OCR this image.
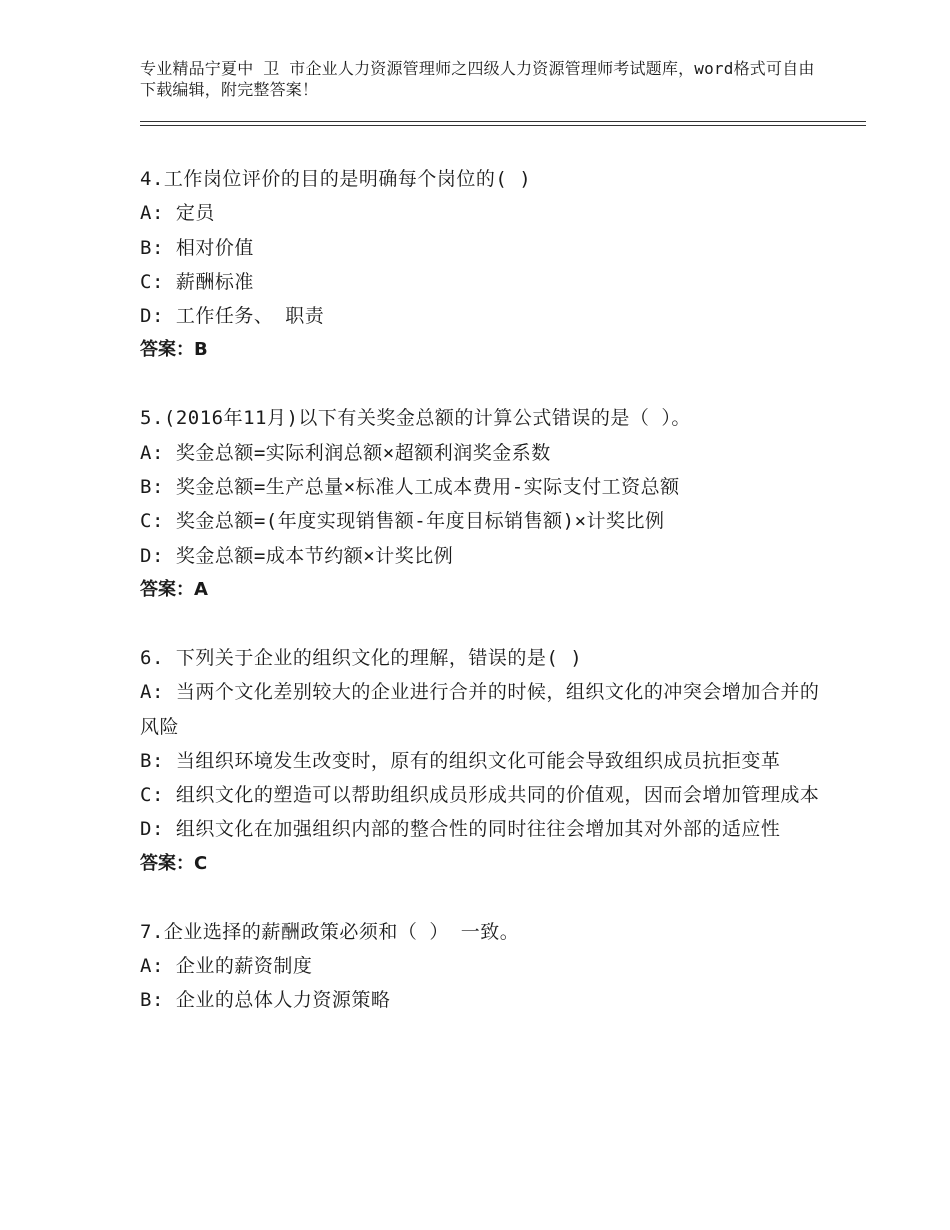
专业精品宁夏中 卫 市企业人力资源管理师之四级人力资源管理师考试题库，word格式可自由下载编辑，附完整答案！
4.工作岗位评价的目的是明确每个岗位的( )
A: 定员
B: 相对价值
C: 薪酬标准
D: 工作任务、 职责
答案：B
5.(2016年11月)以下有关奖金总额的计算公式错误的是（ ）。
A: 奖金总额=实际利润总额×超额利润奖金系数
B: 奖金总额=生产总量×标准人工成本费用-实际支付工资总额
C: 奖金总额=(年度实现销售额-年度目标销售额)×计奖比例
D: 奖金总额=成本节约额×计奖比例
答案：A
6. 下列关于企业的组织文化的理解，错误的是( )
A: 当两个文化差别较大的企业进行合并的时候，组织文化的冲突会增加合并的风险
B: 当组织环境发生改变时，原有的组织文化可能会导致组织成员抗拒变革
C: 组织文化的塑造可以帮助组织成员形成共同的价值观，因而会增加管理成本
D: 组织文化在加强组织内部的整合性的同时往往会增加其对外部的适应性
答案：C
7.企业选择的薪酬政策必须和（ ） 一致。
A: 企业的薪资制度
B: 企业的总体人力资源策略
